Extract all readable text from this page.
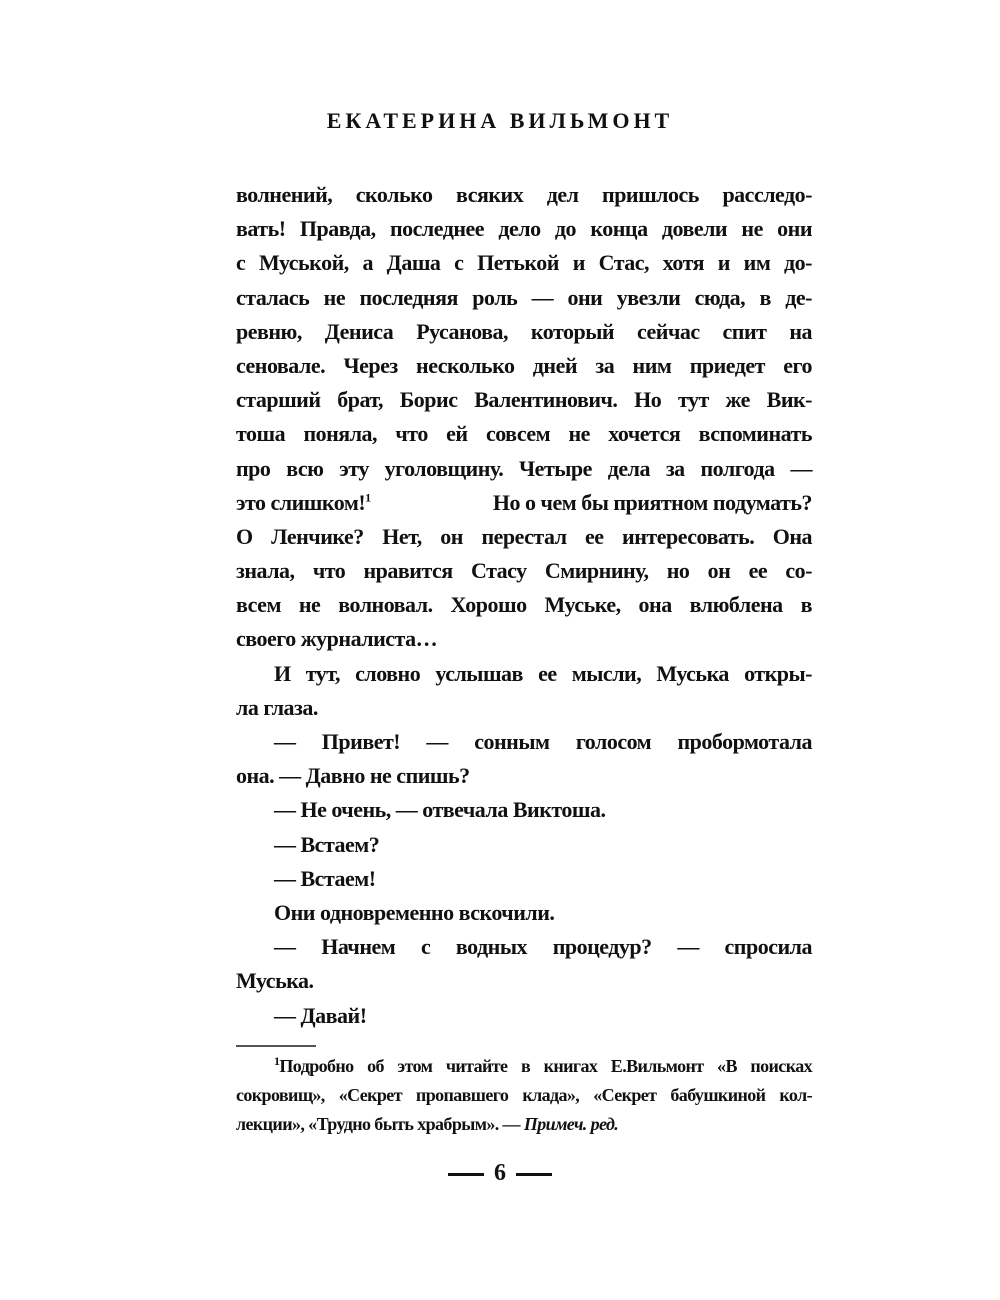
ЕКАТЕРИНА ВИЛЬМОНТ
волнений, сколько всяких дел пришлось расследо-
вать! Правда, последнее дело до конца довели не они
с Муськой, а Даша с Петькой и Стас, хотя и им до-
сталась не последняя роль — они увезли сюда, в де-
ревню, Дениса Русанова, который сейчас спит на
сеновале. Через несколько дней за ним приедет его
старший брат, Борис Валентинович. Но тут же Вик-
тоша поняла, что ей совсем не хочется вспоминать
про всю эту уголовщину. Четыре дела за полгода —
это слишком!$^1$	Но о чем бы приятном подумать?
О Ленчике? Нет, он перестал ее интересовать. Она
знала, что нравится Стасу Смирнину, но он ее со-
всем не волновал. Хорошо Муське, она влюблена в
своего журналиста…
И тут, словно услышав ее мысли, Муська откры-
ла глаза.
— Привет! — сонным голосом пробормотала
она. — Давно не спишь?
— Не очень, — отвечала Виктоша.
— Встаем?
— Встаем!
Они одновременно вскочили.
— Начнем с водных процедур? — спросила
Муська.
— Давай!
$^1$Подробно об этом читайте в книгах Е.Вильмонт «В поисках
сокровищ», «Секрет пропавшего клада», «Секрет бабушкиной кол-
лекции», «Трудно быть храбрым». — Примеч. ред.
6
